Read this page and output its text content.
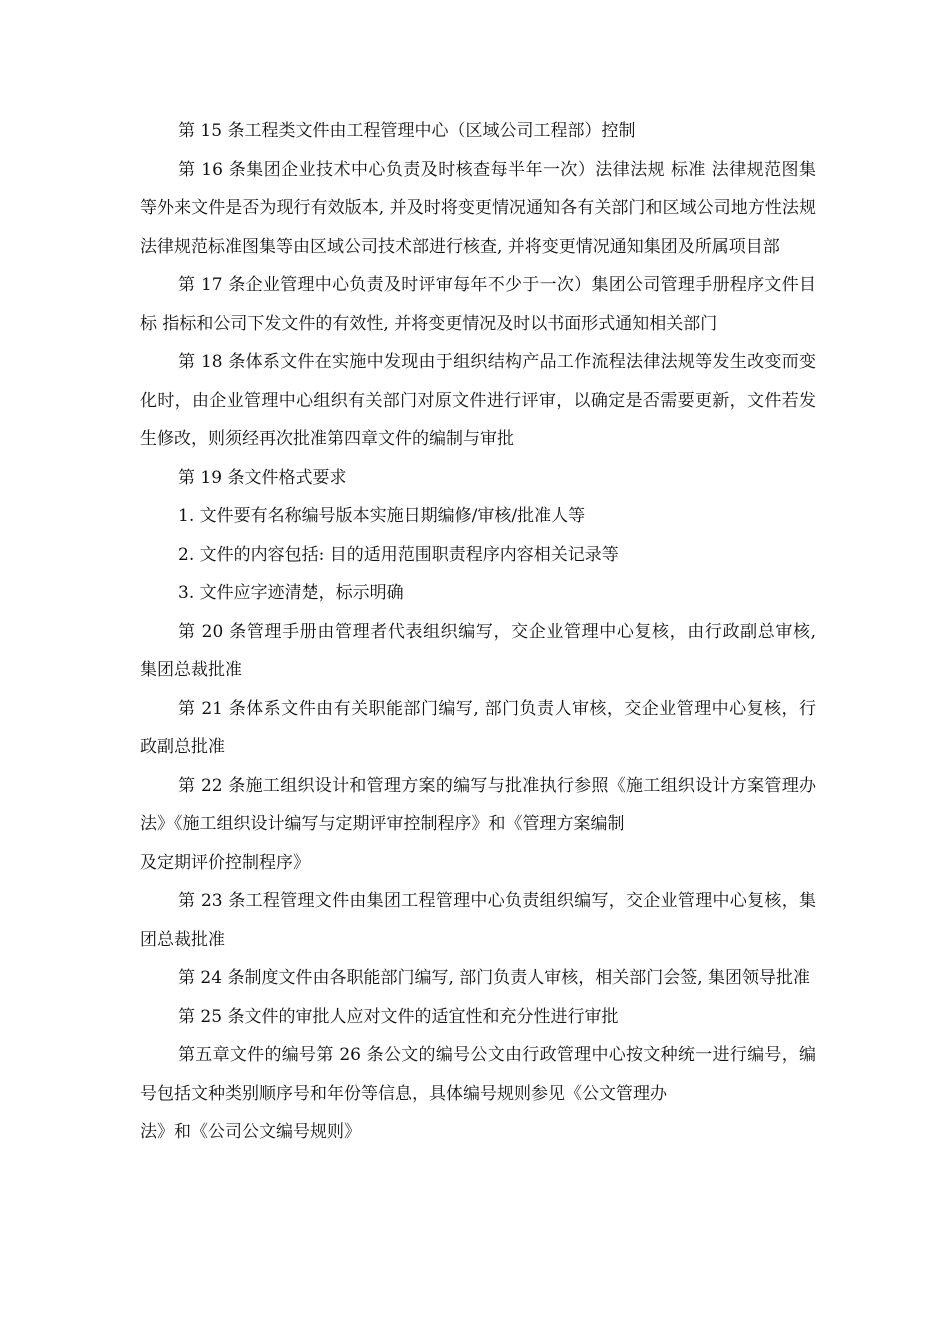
第 15 条工程类文件由工程管理中心（区域公司工程部）控制

第 16 条集团企业技术中心负责及时核查每半年一次）法律法规 标准 法律规范图集等外来文件是否为现行有效版本, 并及时将变更情况通知各有关部门和区域公司地方性法规法律规范标准图集等由区域公司技术部进行核查, 并将变更情况通知集团及所属项目部

第 17 条企业管理中心负责及时评审每年不少于一次）集团公司管理手册程序文件目标 指标和公司下发文件的有效性, 并将变更情况及时以书面形式通知相关部门

第 18 条体系文件在实施中发现由于组织结构产品工作流程法律法规等发生改变而变化时，由企业管理中心组织有关部门对原文件进行评审，以确定是否需要更新，文件若发生修改，则须经再次批准第四章文件的编制与审批

第 19 条文件格式要求

1. 文件要有名称编号版本实施日期编修/审核/批准人等

2. 文件的内容包括: 目的适用范围职责程序内容相关记录等

3. 文件应字迹清楚，标示明确

第 20 条管理手册由管理者代表组织编写，交企业管理中心复核，由行政副总审核, 集团总裁批准

第 21 条体系文件由有关职能部门编写, 部门负责人审核，交企业管理中心复核，行政副总批准

第 22 条施工组织设计和管理方案的编写与批准执行参照《施工组织设计方案管理办法》《施工组织设计编写与定期评审控制程序》和《管理方案编制
及定期评价控制程序》

第 23 条工程管理文件由集团工程管理中心负责组织编写，交企业管理中心复核，集团总裁批准

第 24 条制度文件由各职能部门编写, 部门负责人审核，相关部门会签, 集团领导批准

第 25 条文件的审批人应对文件的适宜性和充分性进行审批

第五章文件的编号第 26 条公文的编号公文由行政管理中心按文种统一进行编号，编号包括文种类别顺序号和年份等信息，具体编号规则参见《公文管理办
法》和《公司公文编号规则》
